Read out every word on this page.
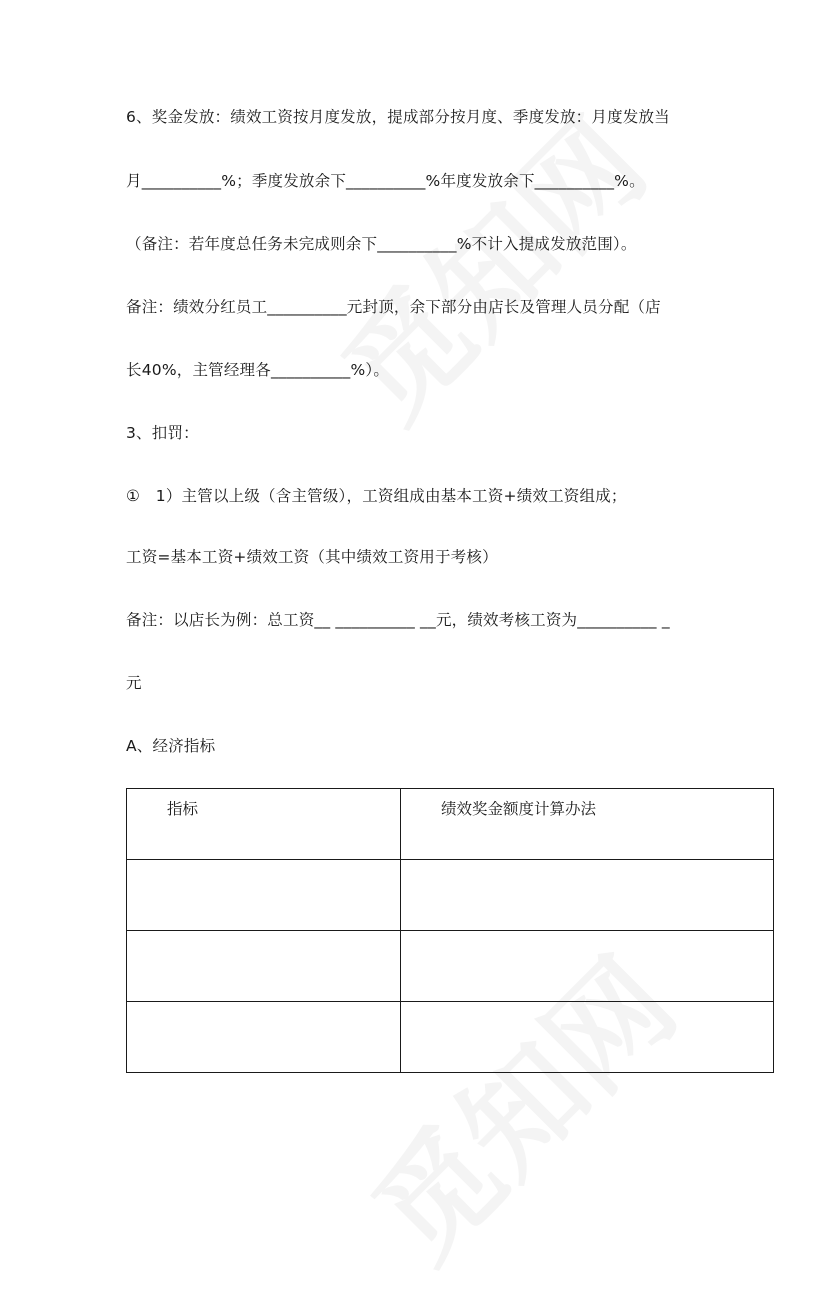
6、奖金发放：绩效工资按月度发放，提成部分按月度、季度发放：月度发放当
月__________%；季度发放余下__________%年度发放余下__________%。
（备注：若年度总任务未完成则余下__________%不计入提成发放范围）。
备注：绩效分红员工__________元封顶，余下部分由店长及管理人员分配（店
长40%，主管经理各__________%）。
3、扣罚：
①　1）主管以上级（含主管级），工资组成由基本工资+绩效工资组成；
工资=基本工资+绩效工资（其中绩效工资用于考核）
备注：以店长为例：总工资__ __________ __元，绩效考核工资为__________ _
元
A、经济指标
指标	绩效奖金额度计算办法
